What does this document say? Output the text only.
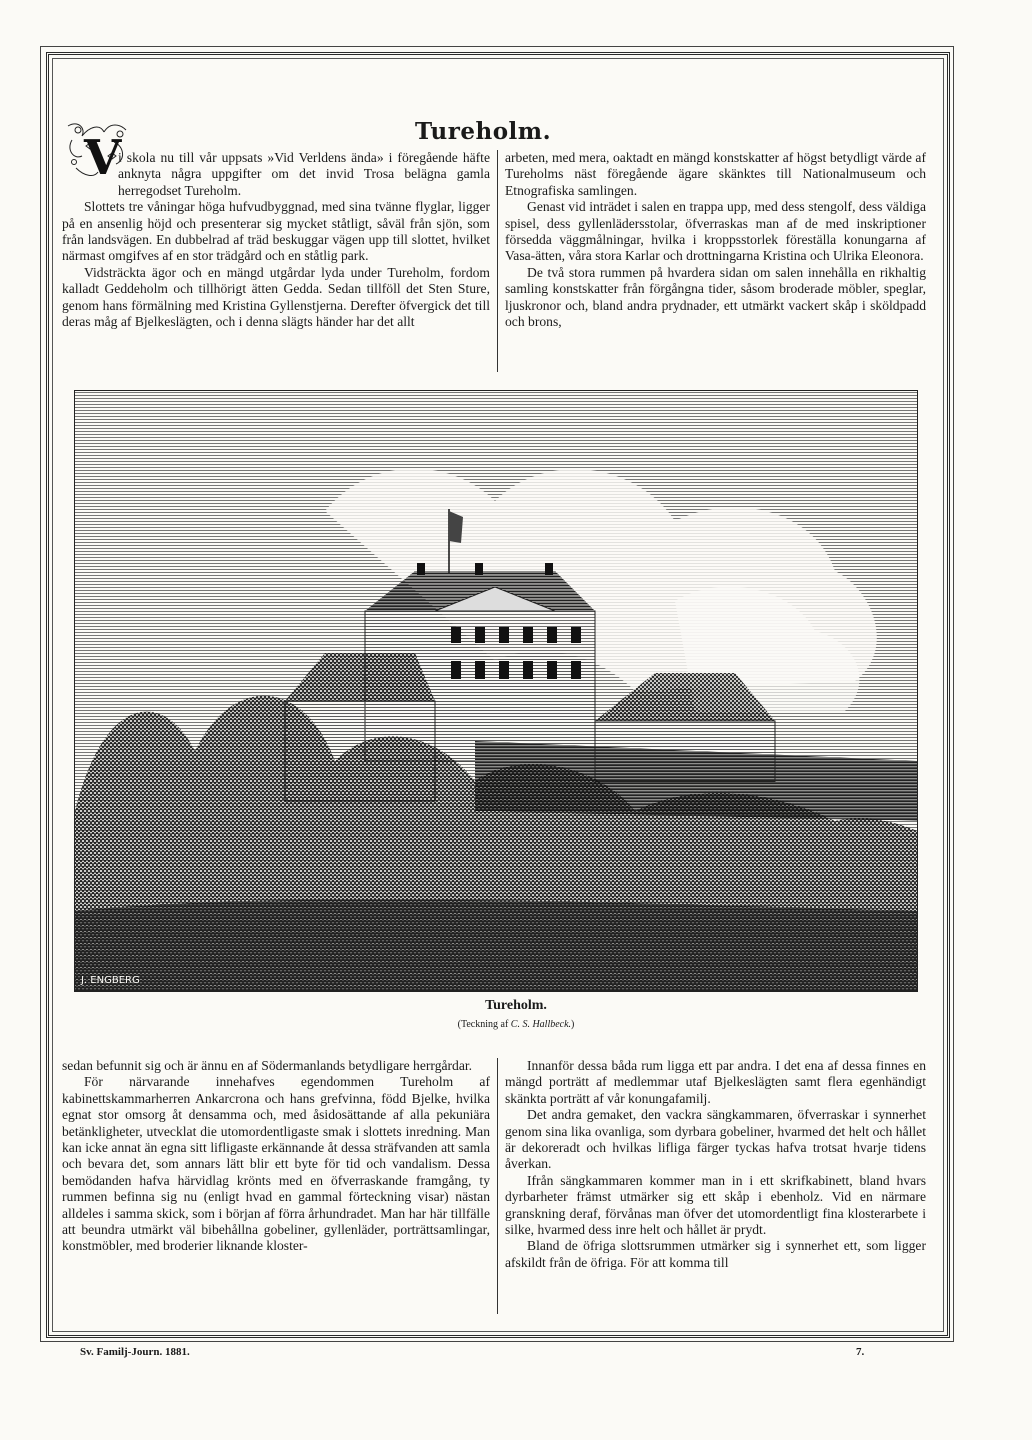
Tureholm.
V

i skola nu till vår uppsats »Vid Verldens ända» i föregående häfte anknyta några uppgifter om det invid Trosa belägna gamla herregodset Tureholm.

Slottets tre våningar höga hufvudbyggnad, med sina tvänne flyglar, ligger på en ansenlig höjd och presenterar sig mycket ståtligt, såväl från sjön, som från landsvägen. En dubbelrad af träd beskuggar vägen upp till slottet, hvilket närmast omgifves af en stor trädgård och en ståtlig park.

Vidsträckta ägor och en mängd utgårdar lyda under Tureholm, fordom kalladt Geddeholm och tillhörigt ätten Gedda. Sedan tillföll det Sten Sture, genom hans förmälning med Kristina Gyllenstjerna. Derefter öfvergick det till deras måg af Bjelkeslägten, och i denna slägts händer har det allt

arbeten, med mera, oaktadt en mängd konstskatter af högst betydligt värde af Tureholms näst föregående ägare skänktes till Nationalmuseum och Etnografiska samlingen.

Genast vid inträdet i salen en trappa upp, med dess stengolf, dess väldiga spisel, dess gyllenlädersstolar, öfverraskas man af de med inskriptioner försedda väggmålningar, hvilka i kroppsstorlek föreställa konungarna af Vasa-ätten, våra stora Karlar och drottningarna Kristina och Ulrika Eleonora.

De två stora rummen på hvardera sidan om salen innehålla en rikhaltig samling konstskatter från förgångna tider, såsom broderade möbler, speglar, ljuskronor och, bland andra prydnader, ett utmärkt vackert skåp i sköldpadd och brons,

J. ENGBERG
Tureholm.
(Teckning af C. S. Hallbeck.)

sedan befunnit sig och är ännu en af Södermanlands betydligare herrgårdar.

För närvarande innehafves egendommen Tureholm af kabinettskammarherren Ankarcrona och hans grefvinna, född Bjelke, hvilka egnat stor omsorg åt densamma och, med åsidosättande af alla pekuniära betänkligheter, utvecklat die utomordentligaste smak i slottets inredning. Man kan icke annat än egna sitt lifligaste erkännande åt dessa sträfvanden att samla och bevara det, som annars lätt blir ett byte för tid och vandalism. Dessa bemödanden hafva härvidlag krönts med en öfverraskande framgång, ty rummen befinna sig nu (enligt hvad en gammal förteckning visar) nästan alldeles i samma skick, som i början af förra århundradet. Man har här tillfälle att beundra utmärkt väl bibehållna gobeliner, gyllenläder, porträttsamlingar, konstmöbler, med broderier liknande kloster-

Innanför dessa båda rum ligga ett par andra. I det ena af dessa finnes en mängd porträtt af medlemmar utaf Bjelkeslägten samt flera egenhändigt skänkta porträtt af vår konungafamilj.

Det andra gemaket, den vackra sängkammaren, öfverraskar i synnerhet genom sina lika ovanliga, som dyrbara gobeliner, hvarmed det helt och hållet är dekoreradt och hvilkas lifliga färger tyckas hafva trotsat hvarje tidens åverkan.

Ifrån sängkammaren kommer man in i ett skrifkabinett, bland hvars dyrbarheter främst utmärker sig ett skåp i ebenholz. Vid en närmare granskning deraf, förvånas man öfver det utomordentligt fina klosterarbete i silke, hvarmed dess inre helt och hållet är prydt.

Bland de öfriga slottsrummen utmärker sig i synnerhet ett, som ligger afskildt från de öfriga. För att komma till

Sv. Familj-Journ. 1881.	7.
